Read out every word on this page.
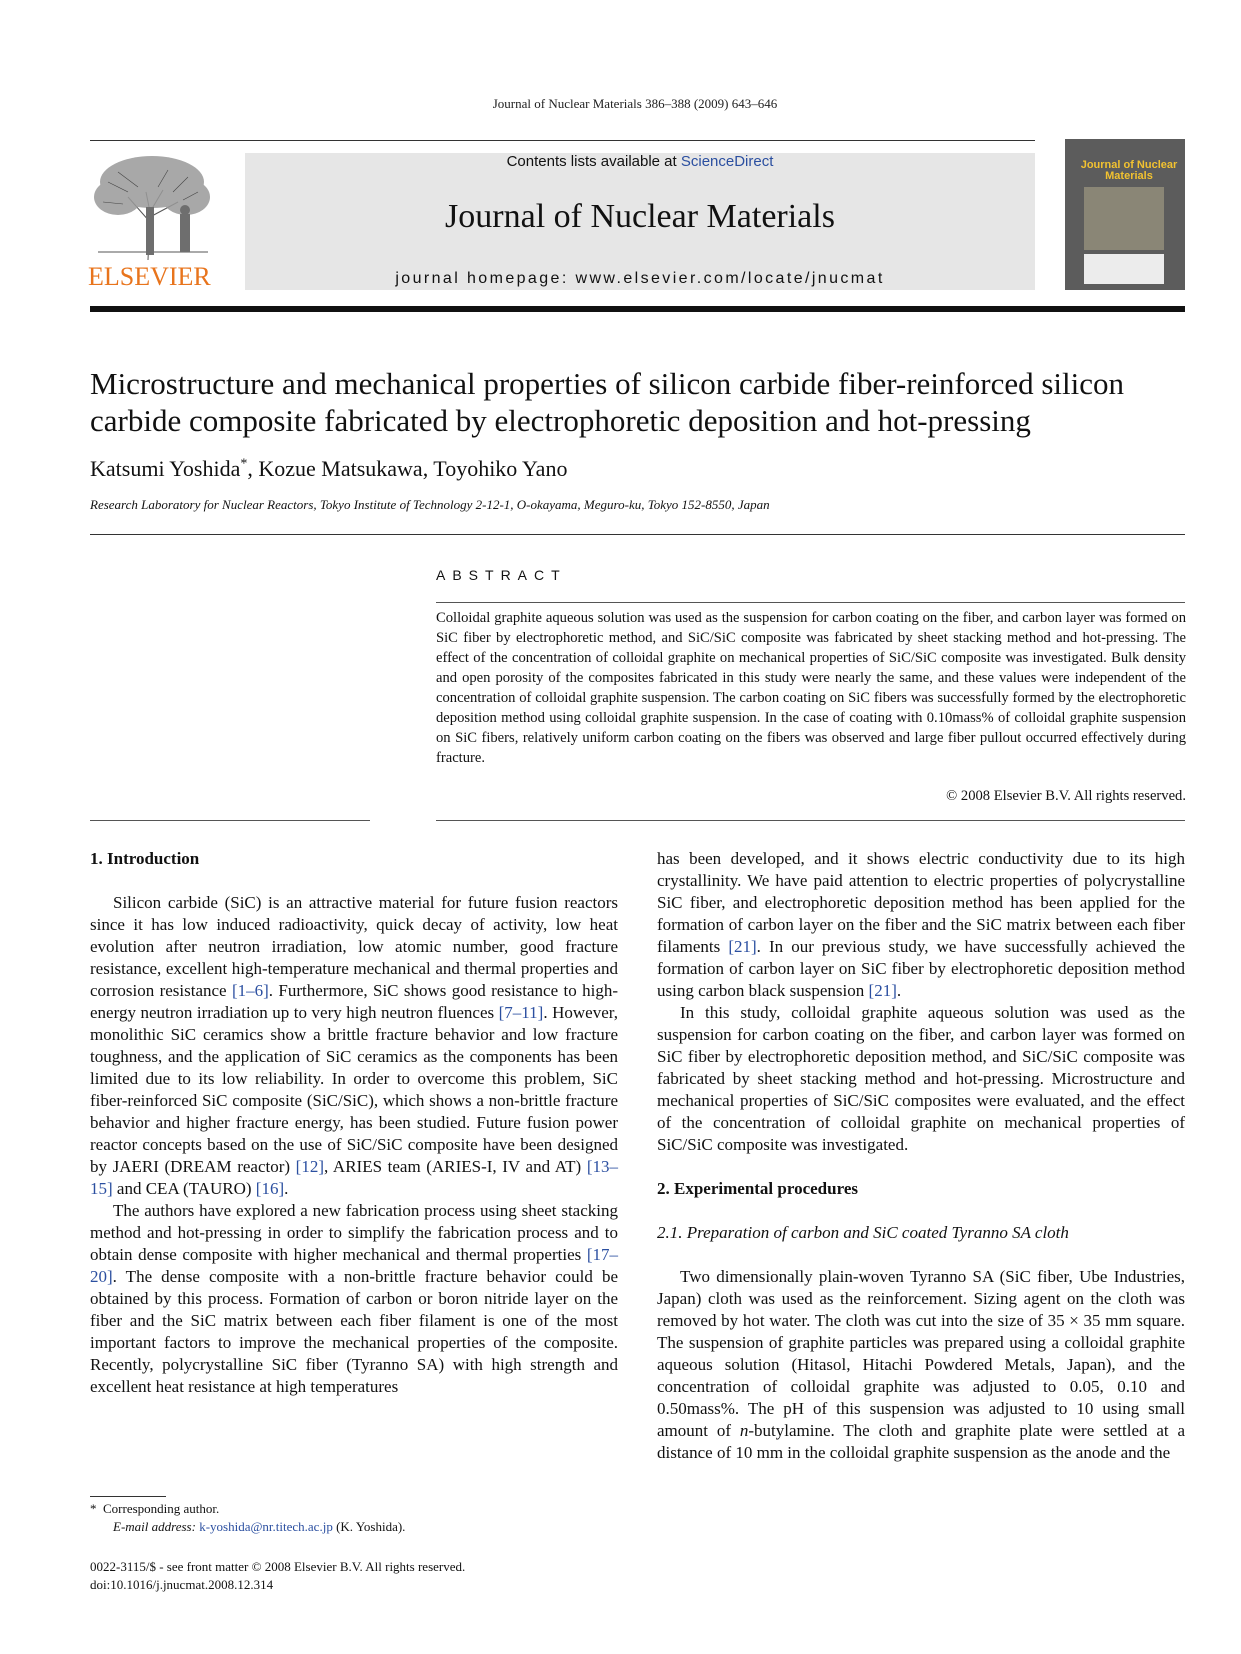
Journal of Nuclear Materials 386–388 (2009) 643–646
ELSEVIER
Contents lists available at ScienceDirect
Journal of Nuclear Materials
journal homepage: www.elsevier.com/locate/jnucmat
Journal of Nuclear Materials
Microstructure and mechanical properties of silicon carbide fiber-reinforced silicon carbide composite fabricated by electrophoretic deposition and hot-pressing
Katsumi Yoshida*, Kozue Matsukawa, Toyohiko Yano
Research Laboratory for Nuclear Reactors, Tokyo Institute of Technology 2-12-1, O-okayama, Meguro-ku, Tokyo 152-8550, Japan
ABSTRACT
Colloidal graphite aqueous solution was used as the suspension for carbon coating on the fiber, and carbon layer was formed on SiC fiber by electrophoretic method, and SiC/SiC composite was fabricated by sheet stacking method and hot-pressing. The effect of the concentration of colloidal graphite on mechanical properties of SiC/SiC composite was investigated. Bulk density and open porosity of the composites fabricated in this study were nearly the same, and these values were independent of the concentration of colloidal graphite suspension. The carbon coating on SiC fibers was successfully formed by the electrophoretic deposition method using colloidal graphite suspension. In the case of coating with 0.10mass% of colloidal graphite suspension on SiC fibers, relatively uniform carbon coating on the fibers was observed and large fiber pullout occurred effectively during fracture.
© 2008 Elsevier B.V. All rights reserved.
1. Introduction

Silicon carbide (SiC) is an attractive material for future fusion reactors since it has low induced radioactivity, quick decay of activity, low heat evolution after neutron irradiation, low atomic number, good fracture resistance, excellent high-temperature mechanical and thermal properties and corrosion resistance [1–6]. Furthermore, SiC shows good resistance to high-energy neutron irradiation up to very high neutron fluences [7–11]. However, monolithic SiC ceramics show a brittle fracture behavior and low fracture toughness, and the application of SiC ceramics as the components has been limited due to its low reliability. In order to overcome this problem, SiC fiber-reinforced SiC composite (SiC/SiC), which shows a non-brittle fracture behavior and higher fracture energy, has been studied. Future fusion power reactor concepts based on the use of SiC/SiC composite have been designed by JAERI (DREAM reactor) [12], ARIES team (ARIES-I, IV and AT) [13–15] and CEA (TAURO) [16].

The authors have explored a new fabrication process using sheet stacking method and hot-pressing in order to simplify the fabrication process and to obtain dense composite with higher mechanical and thermal properties [17–20]. The dense composite with a non-brittle fracture behavior could be obtained by this process. Formation of carbon or boron nitride layer on the fiber and the SiC matrix between each fiber filament is one of the most important factors to improve the mechanical properties of the composite. Recently, polycrystalline SiC fiber (Tyranno SA) with high strength and excellent heat resistance at high temperatures

has been developed, and it shows electric conductivity due to its high crystallinity. We have paid attention to electric properties of polycrystalline SiC fiber, and electrophoretic deposition method has been applied for the formation of carbon layer on the fiber and the SiC matrix between each fiber filaments [21]. In our previous study, we have successfully achieved the formation of carbon layer on SiC fiber by electrophoretic deposition method using carbon black suspension [21].

In this study, colloidal graphite aqueous solution was used as the suspension for carbon coating on the fiber, and carbon layer was formed on SiC fiber by electrophoretic deposition method, and SiC/SiC composite was fabricated by sheet stacking method and hot-pressing. Microstructure and mechanical properties of SiC/SiC composites were evaluated, and the effect of the concentration of colloidal graphite on mechanical properties of SiC/SiC composite was investigated.

2. Experimental procedures
2.1. Preparation of carbon and SiC coated Tyranno SA cloth

Two dimensionally plain-woven Tyranno SA (SiC fiber, Ube Industries, Japan) cloth was used as the reinforcement. Sizing agent on the cloth was removed by hot water. The cloth was cut into the size of 35 × 35 mm square. The suspension of graphite particles was prepared using a colloidal graphite aqueous solution (Hitasol, Hitachi Powdered Metals, Japan), and the concentration of colloidal graphite was adjusted to 0.05, 0.10 and 0.50mass%. The pH of this suspension was adjusted to 10 using small amount of n-butylamine. The cloth and graphite plate were settled at a distance of 10 mm in the colloidal graphite suspension as the anode and the

* Corresponding author.
E-mail address: k-yoshida@nr.titech.ac.jp (K. Yoshida).
0022-3115/$ - see front matter © 2008 Elsevier B.V. All rights reserved.
doi:10.1016/j.jnucmat.2008.12.314
